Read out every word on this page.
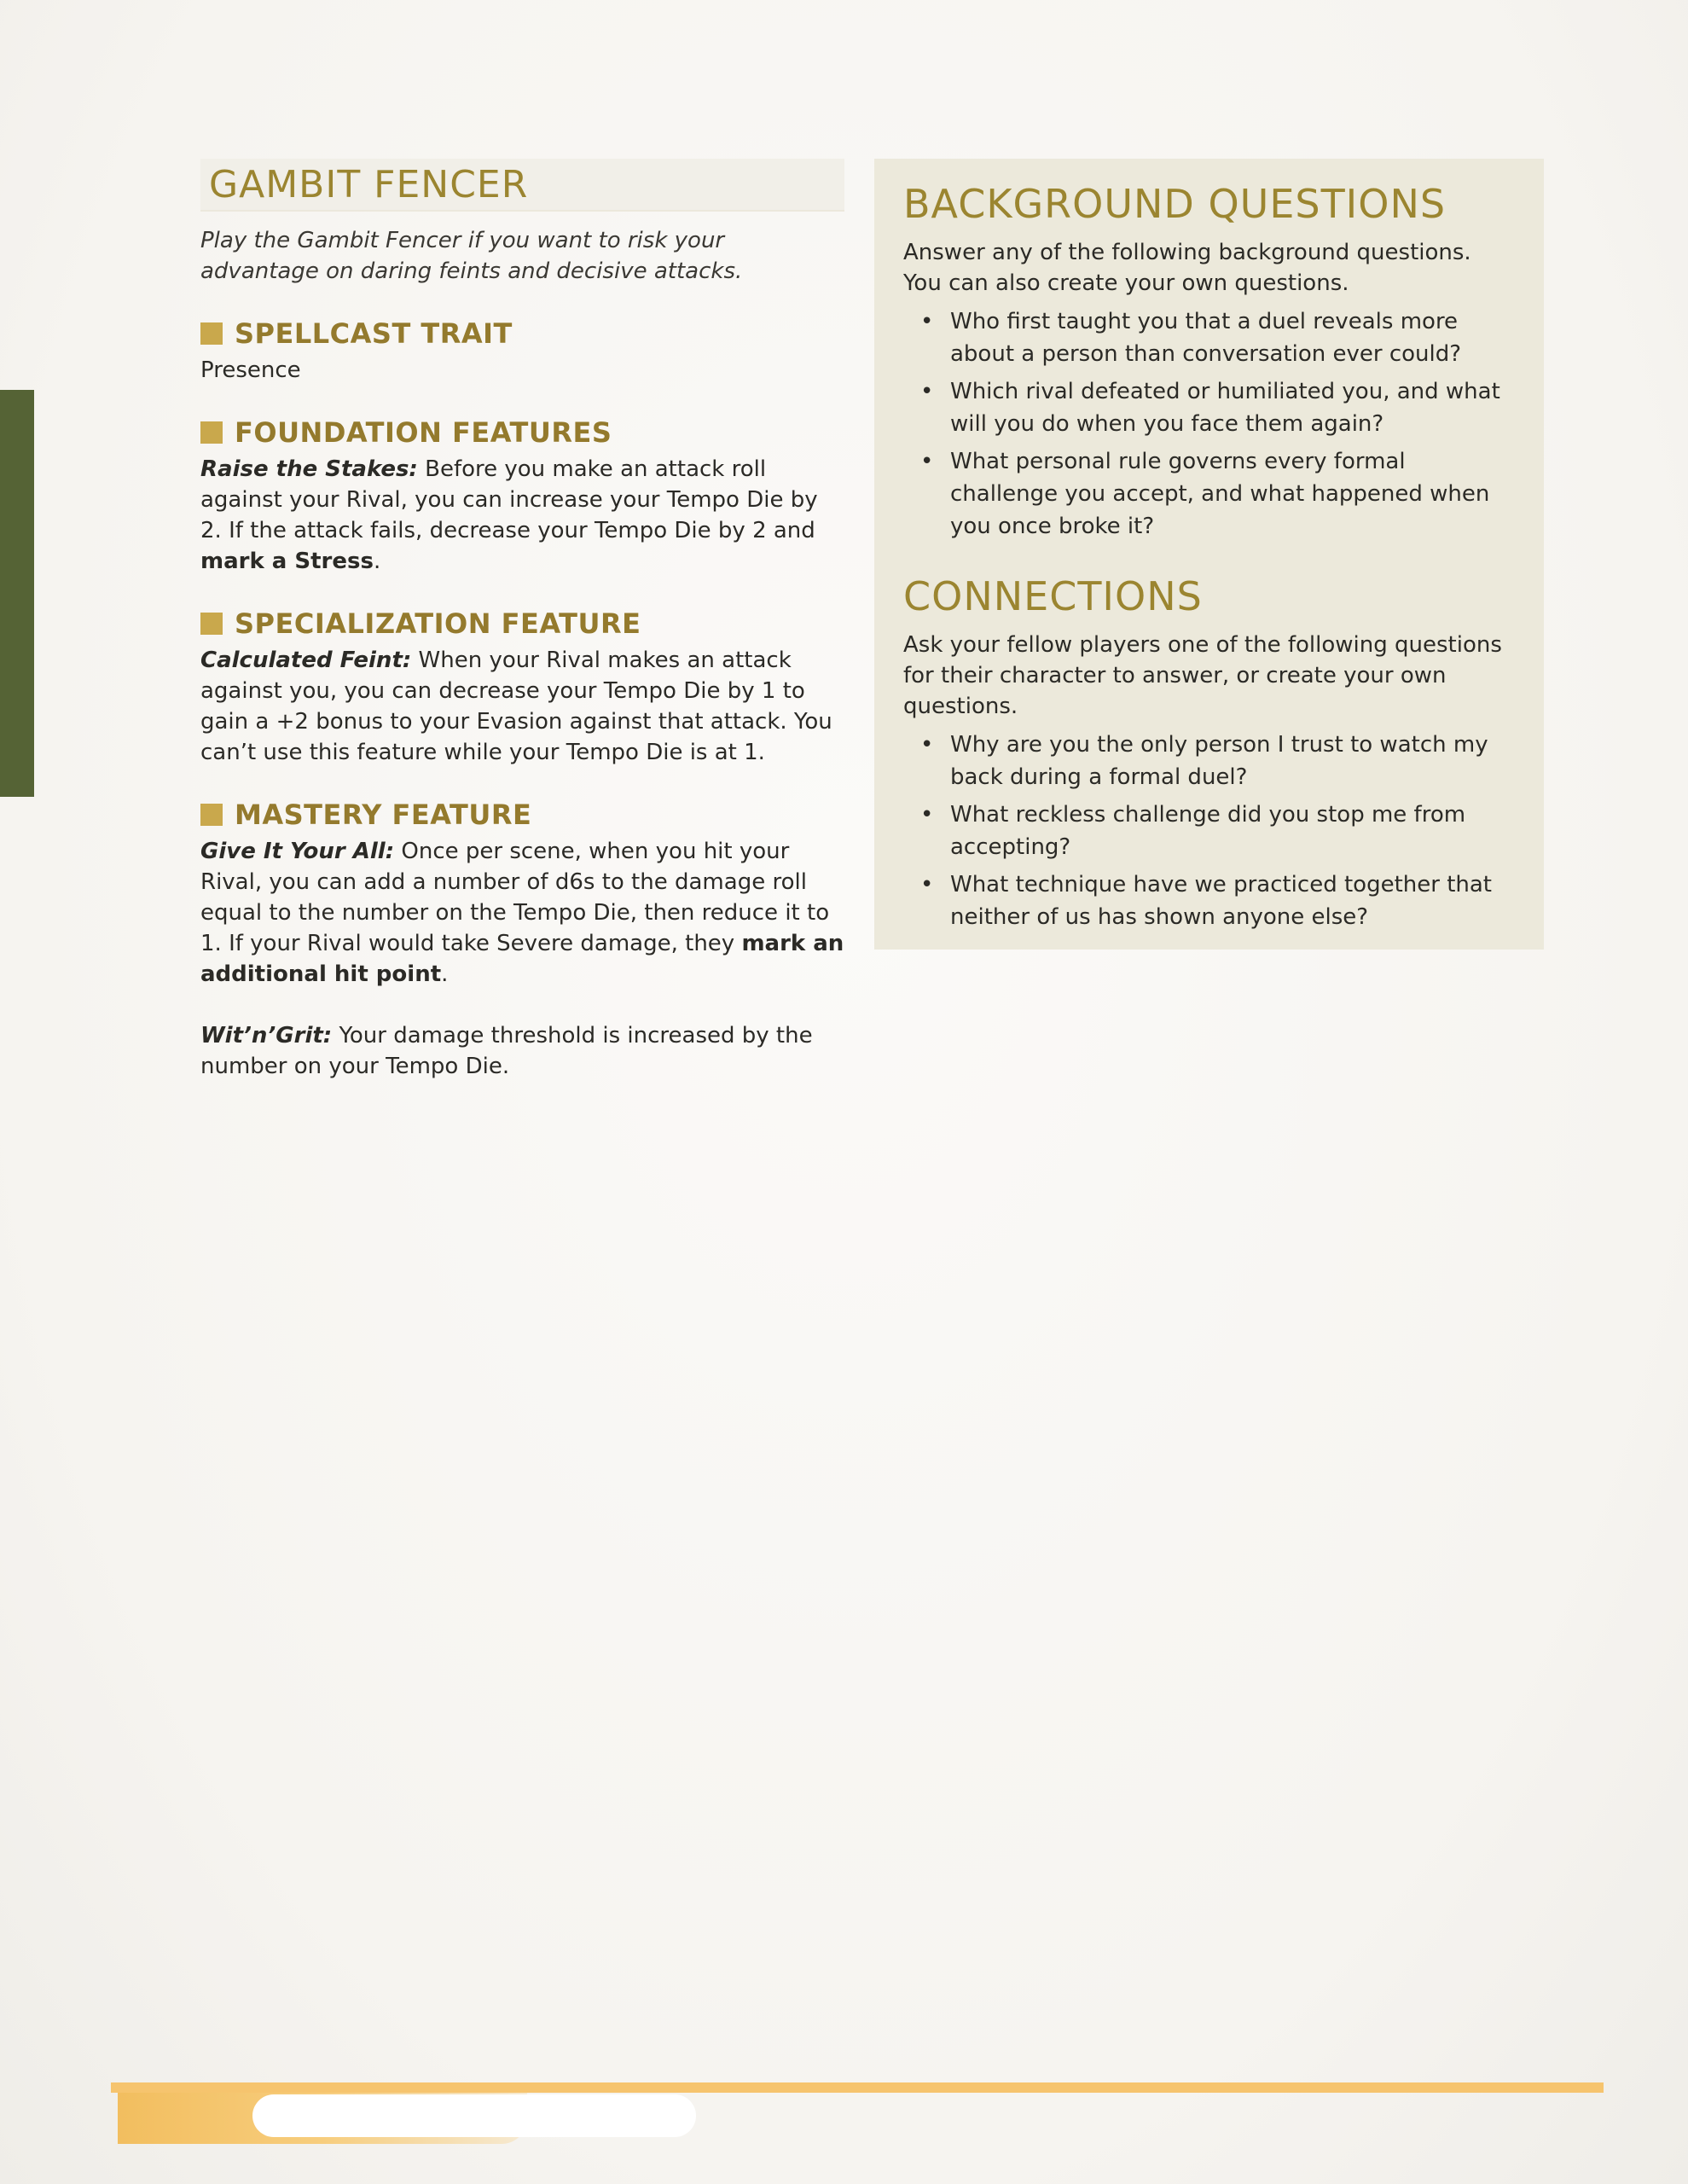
GAMBIT FENCER

Play the Gambit Fencer if you want to risk your advantage on daring feints and decisive attacks.

SPELLCAST TRAIT

Presence

FOUNDATION FEATURES

Raise the Stakes: Before you make an attack roll against your Rival, you can increase your Tempo Die by 2. If the attack fails, decrease your Tempo Die by 2 and mark a Stress.

SPECIALIZATION FEATURE

Calculated Feint: When your Rival makes an attack against you, you can decrease your Tempo Die by 1 to gain a +2 bonus to your Evasion against that attack. You can’t use this feature while your Tempo Die is at 1.

MASTERY FEATURE

Give It Your All: Once per scene, when you hit your Rival, you can add a number of d6s to the damage roll equal to the number on the Tempo Die, then reduce it to 1. If your Rival would take Severe damage, they mark an additional hit point.

Wit’n’Grit: Your damage threshold is increased by the number on your Tempo Die.

BACKGROUND QUESTIONS

Answer any of the following background questions. You can also create your own questions.

• Who first taught you that a duel reveals more about a person than conversation ever could?
• Which rival defeated or humiliated you, and what will you do when you face them again?
• What personal rule governs every formal challenge you accept, and what happened when you once broke it?
CONNECTIONS

Ask your fellow players one of the following questions for their character to answer, or create your own questions.

• Why are you the only person I trust to watch my back during a formal duel?
• What reckless challenge did you stop me from accepting?
• What technique have we practiced together that neither of us has shown anyone else?
